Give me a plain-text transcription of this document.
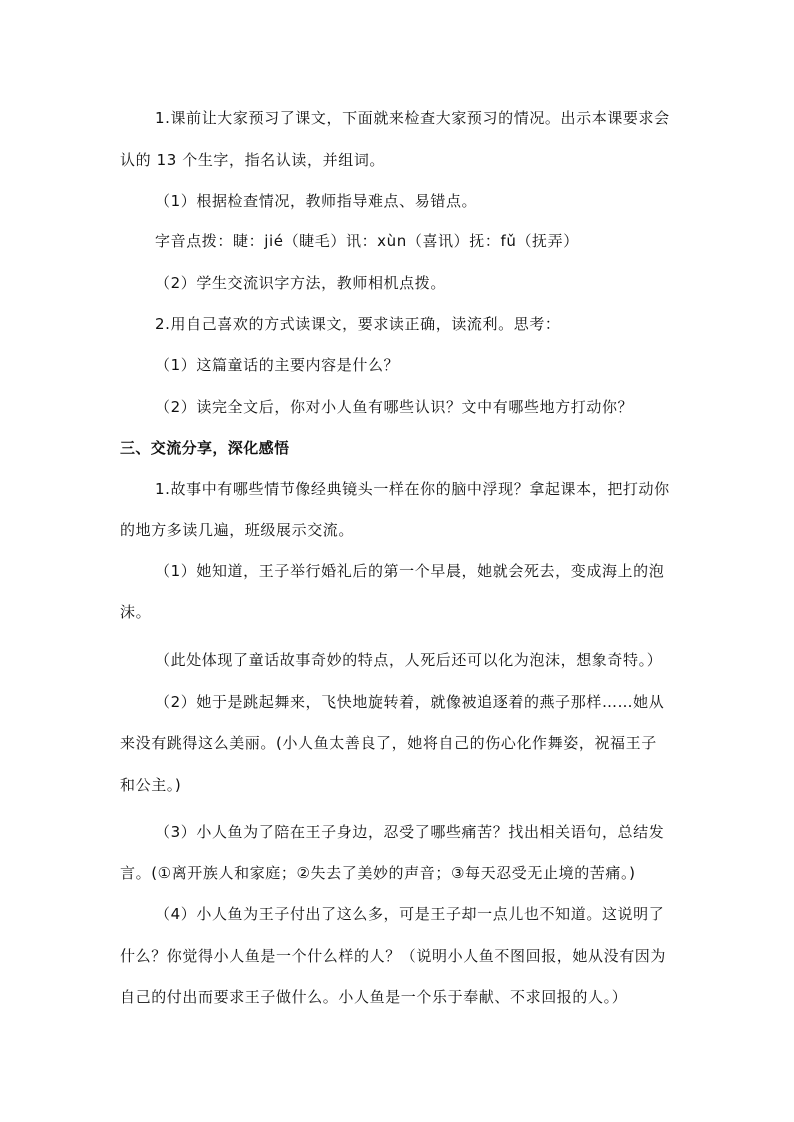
1.课前让大家预习了课文，下面就来检查大家预习的情况。出示本课要求会

认的 13 个生字，指名认读，并组词。

（1）根据检查情况，教师指导难点、易错点。

字音点拨：睫：jié（睫毛）讯：xùn（喜讯）抚：fǔ（抚弄）

（2）学生交流识字方法，教师相机点拨。

2.用自己喜欢的方式读课文，要求读正确，读流利。思考：

（1）这篇童话的主要内容是什么？

（2）读完全文后，你对小人鱼有哪些认识？文中有哪些地方打动你？

三、交流分享，深化感悟

1.故事中有哪些情节像经典镜头一样在你的脑中浮现？拿起课本，把打动你

的地方多读几遍，班级展示交流。

（1）她知道，王子举行婚礼后的第一个早晨，她就会死去，变成海上的泡

沫。

（此处体现了童话故事奇妙的特点，人死后还可以化为泡沫，想象奇特。）

（2）她于是跳起舞来，飞快地旋转着，就像被追逐着的燕子那样……她从

来没有跳得这么美丽。(小人鱼太善良了，她将自己的伤心化作舞姿，祝福王子

和公主。)

（3）小人鱼为了陪在王子身边，忍受了哪些痛苦？找出相关语句，总结发

言。(①离开族人和家庭；②失去了美妙的声音；③每天忍受无止境的苦痛。)

（4）小人鱼为王子付出了这么多，可是王子却一点儿也不知道。这说明了

什么？你觉得小人鱼是一个什么样的人？（说明小人鱼不图回报，她从没有因为

自己的付出而要求王子做什么。小人鱼是一个乐于奉献、不求回报的人。）
